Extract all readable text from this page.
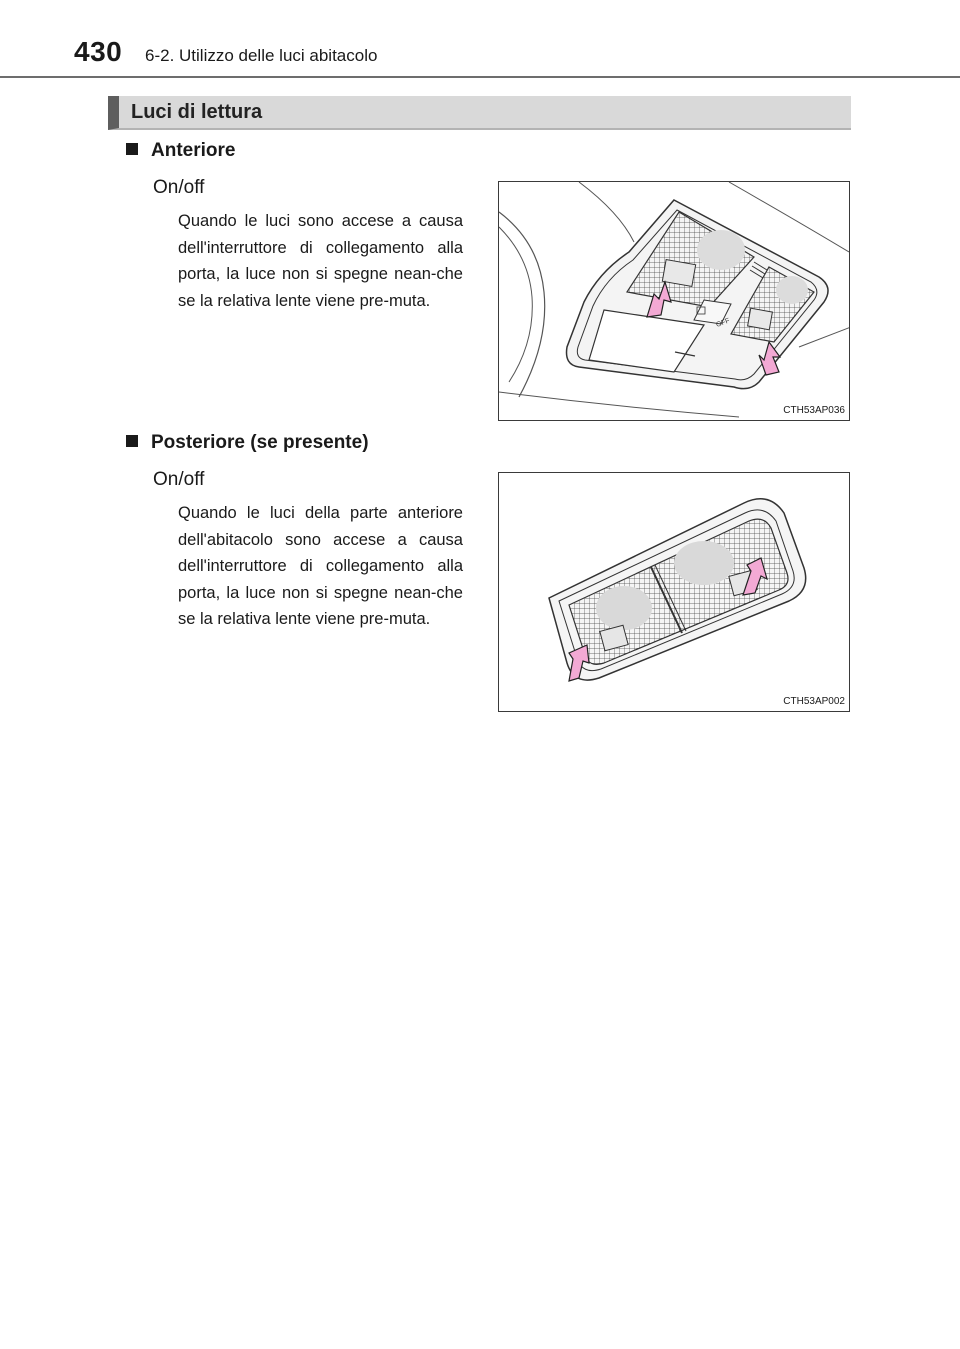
430 6-2. Utilizzo delle luci abitacolo
Luci di lettura
Anteriore
On/off

Quando le luci sono accese a causa dell'interruttore di collegamento alla porta, la luce non si spegne nean-che se la relativa lente viene pre-muta.

OFF
CTH53AP036
Posteriore (se presente)
On/off

Quando le luci della parte anteriore dell'abitacolo sono accese a causa dell'interruttore di collegamento alla porta, la luce non si spegne nean-che se la relativa lente viene pre-muta.

CTH53AP002
